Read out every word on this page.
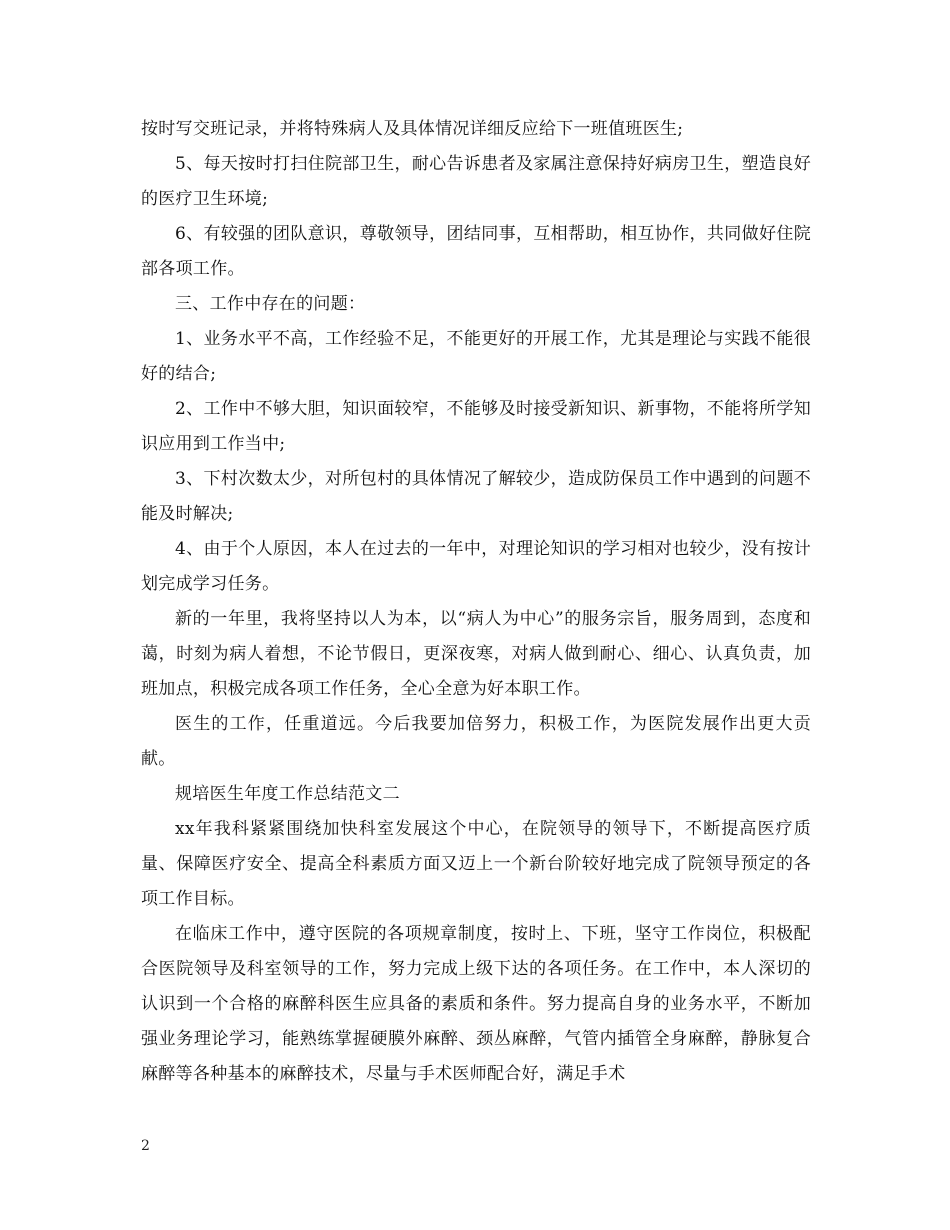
按时写交班记录，并将特殊病人及具体情况详细反应给下一班值班医生;

5、每天按时打扫住院部卫生，耐心告诉患者及家属注意保持好病房卫生，塑造良好的医疗卫生环境;

6、有较强的团队意识，尊敬领导，团结同事，互相帮助，相互协作，共同做好住院部各项工作。

三、工作中存在的问题：

1、业务水平不高，工作经验不足，不能更好的开展工作，尤其是理论与实践不能很好的结合;

2、工作中不够大胆，知识面较窄，不能够及时接受新知识、新事物，不能将所学知识应用到工作当中;

3、下村次数太少，对所包村的具体情况了解较少，造成防保员工作中遇到的问题不能及时解决;

4、由于个人原因，本人在过去的一年中，对理论知识的学习相对也较少，没有按计划完成学习任务。

新的一年里，我将坚持以人为本，以“病人为中心”的服务宗旨，服务周到，态度和蔼，时刻为病人着想，不论节假日，更深夜寒，对病人做到耐心、细心、认真负责，加班加点，积极完成各项工作任务，全心全意为好本职工作。

医生的工作，任重道远。今后我要加倍努力，积极工作，为医院发展作出更大贡献。

规培医生年度工作总结范文二

xx年我科紧紧围绕加快科室发展这个中心，在院领导的领导下，不断提高医疗质量、保障医疗安全、提高全科素质方面又迈上一个新台阶较好地完成了院领导预定的各项工作目标。

在临床工作中，遵守医院的各项规章制度，按时上、下班，坚守工作岗位，积极配合医院领导及科室领导的工作，努力完成上级下达的各项任务。在工作中，本人深切的认识到一个合格的麻醉科医生应具备的素质和条件。努力提高自身的业务水平，不断加强业务理论学习，能熟练掌握硬膜外麻醉、颈丛麻醉，气管内插管全身麻醉，静脉复合麻醉等各种基本的麻醉技术，尽量与手术医师配合好，满足手术

2
